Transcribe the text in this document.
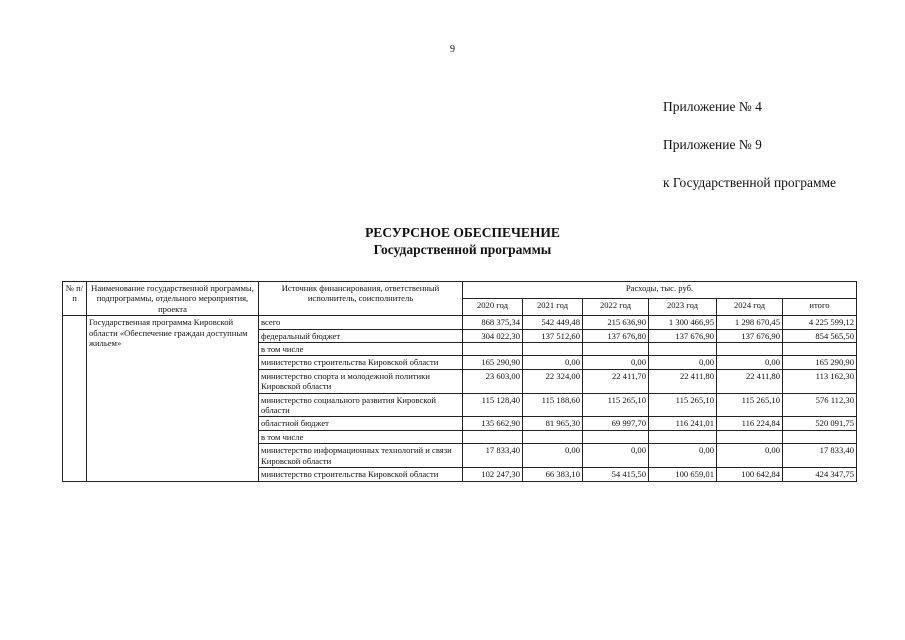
9
Приложение № 4
Приложение № 9
к Государственной программе
РЕСУРСНОЕ ОБЕСПЕЧЕНИЕ
Государственной программы
№ п/п	Наименование государственной программы, подпрограммы, отдельного мероприятия, проекта	Источник финансирования, ответственный исполнитель, соисполнитель	Расходы, тыс. руб.					
			2020 год	2021 год	2022 год	2023 год	2024 год	итого
	Государственная программа Кировской области «Обеспечение граждан доступным жильем»	всего	868 375,34	542 449,48	215 636,90	1 300 466,95	1 298 670,45	4 225 599,12
		федеральный бюджет	304 022,30	137 512,60	137 676,80	137 676,90	137 676,90	854 565,50
		в том числе						
		министерство строительства Кировской области	165 290,90	0,00	0,00	0,00	0,00	165 290,90
		министерство спорта и молодежной политики Кировской области	23 603,00	22 324,00	22 411,70	22 411,80	22 411,80	113 162,30
		министерство социального развития Кировской области	115 128,40	115 188,60	115 265,10	115 265,10	115 265,10	576 112,30
		областной бюджет	135 662,90	81 965,30	69 997,70	116 241,01	116 224,84	520 091,75
		в том числе						
		министерство информационных технологий и связи Кировской области	17 833,40	0,00	0,00	0,00	0,00	17 833,40
		министерство строительства Кировской области	102 247,30	66 383,10	54 415,50	100 659,01	100 642,84	424 347,75
